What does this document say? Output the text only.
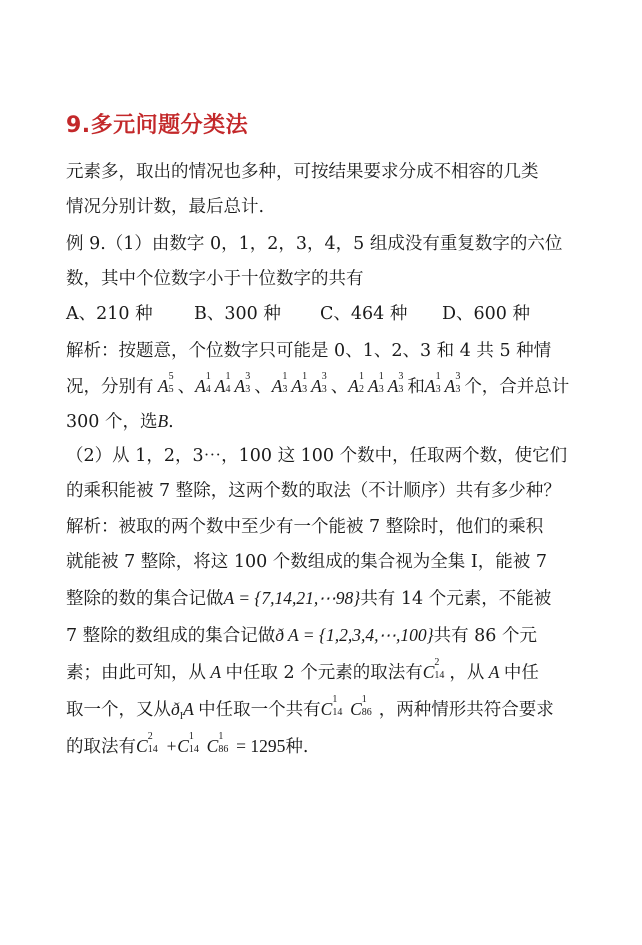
9.多元问题分类法
元素多，取出的情况也多种，可按结果要求分成不相容的几类
情况分别计数，最后总计.
例 9.（1）由数字 0，1，2，3，4，5 组成没有重复数字的六位
数，其中个位数字小于十位数字的共有
A、210 种 B、300 种 C、464 种 D、600 种
解析：按题意，个位数字只可能是 0、1、2、3 和 4 共 5 种情
况，分别有 A 5
5 、A 1
4 A 1
4 A 3
3 、A 1
3 A 1
3 A 3
3 、A 1
2 A 1
3 A 3
3 和A 1
3 A 3
3 个，合并总计
300 个，选B.
（2）从 1，2，3⋯，100 这 100 个数中，任取两个数，使它们
的乘积能被 7 整除，这两个数的取法（不计顺序）共有多少种？
解析：被取的两个数中至少有一个能被 7 整除时，他们的乘积
就能被 7 整除，将这 100 个数组成的集合视为全集 I，能被 7
整除的数的集合记做A = {7,14,21,⋯98}共有 14 个元素，不能被
7 整除的数组成的集合记做ð A = {1,2,3,4,⋯,100}共有 86 个元
素；由此可知，从 A 中任取 2 个元素的取法有C 2
14 ，从 A 中任
取一个，又从$ð_IA$ 中任取一个共有C 1
14 C 1
86 ，两种情形共符合要求
的取法有C 2
14 +C 1
14 C 1
86 = 1295种.
